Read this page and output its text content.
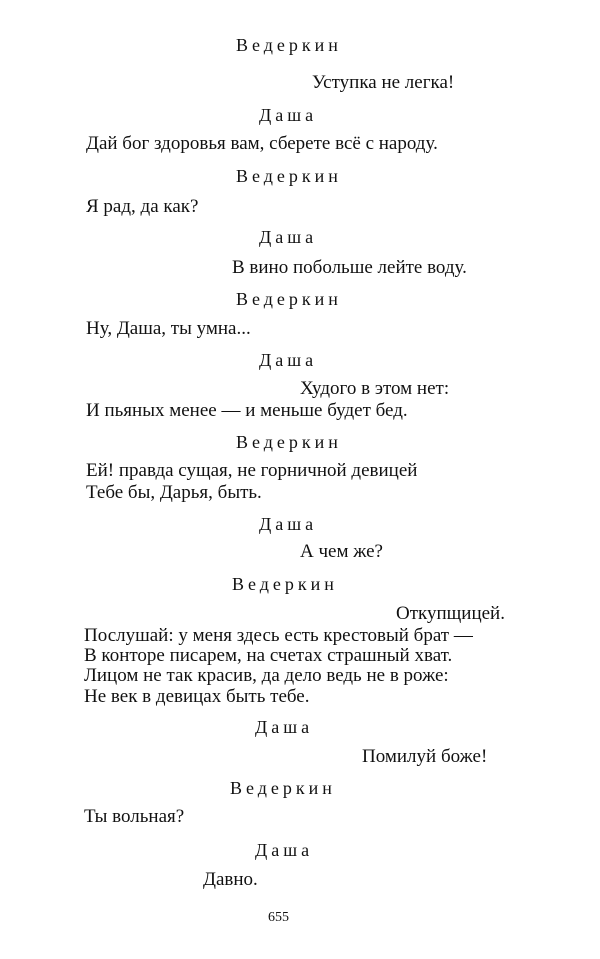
Ведеркин
Уступка не легка!
Даша
Дай бог здоровья вам, сберете всё с народу.
Ведеркин
Я рад, да как?
Даша
В вино побольше лейте воду.
Ведеркин
Ну, Даша, ты умна...
Даша
Худого в этом нет:
И пьяных менее — и меньше будет бед.
Ведеркин
Ей! правда сущая, не горничной девицей
Тебе бы, Дарья, быть.
Даша
А чем же?
Ведеркин
Откупщицей.
Послушай: у меня здесь есть крестовый брат —
В конторе писарем, на счетах страшный хват.
Лицом не так красив, да дело ведь не в роже:
Не век в девицах быть тебе.
Даша
Помилуй боже!
Ведеркин
Ты вольная?
Даша
Давно.
655
